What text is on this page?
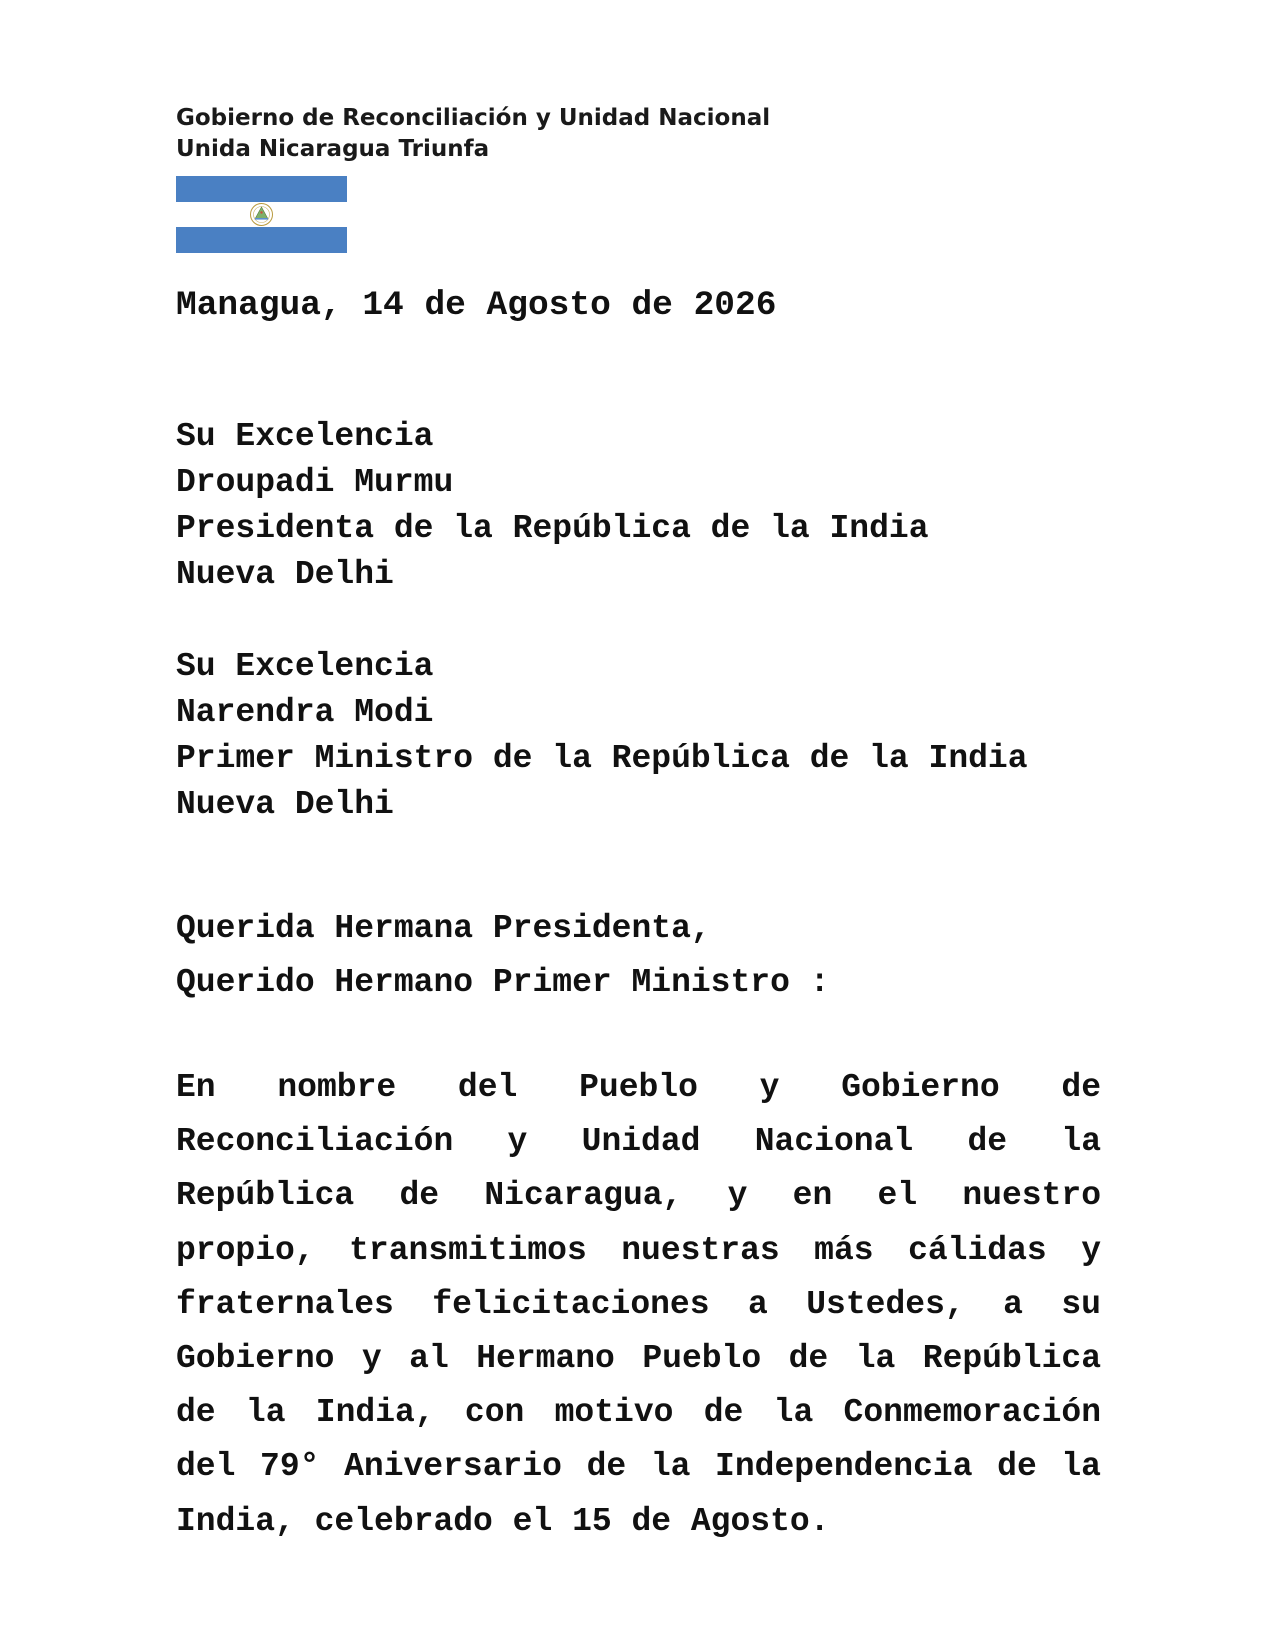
Gobierno de Reconciliación y Unidad Nacional
Unida Nicaragua Triunfa
Managua, 14 de Agosto de 2026
Su Excelencia
Droupadi Murmu
Presidenta de la República de la India
Nueva Delhi
Su Excelencia
Narendra Modi
Primer Ministro de la República de la India
Nueva Delhi
Querida Hermana Presidenta,
Querido Hermano Primer Ministro :
En nombre del Pueblo y Gobierno de Reconciliación y Unidad Nacional de la República de Nicaragua, y en el nuestro propio, transmitimos nuestras más cálidas y fraternales felicitaciones a Ustedes, a su Gobierno y al Hermano Pueblo de la República de la India, con motivo de la Conmemoración del 79° Aniversario de la Independencia de la India, celebrado el 15 de Agosto.
